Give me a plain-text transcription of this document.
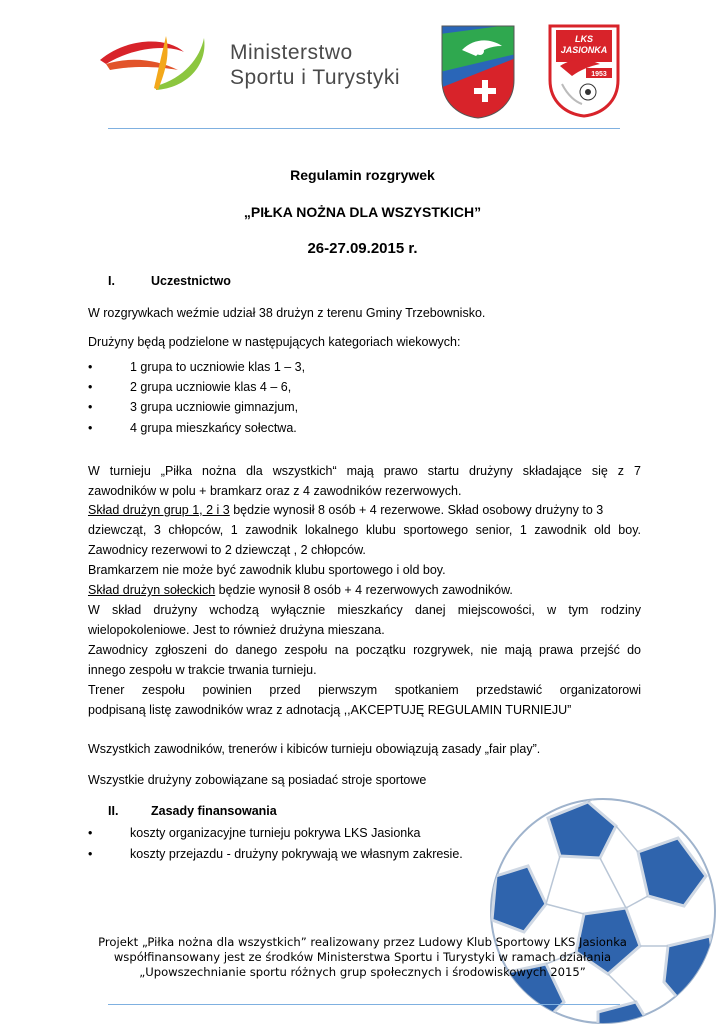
Ministerstwo
Sportu i Turystyki
LKS
JASIONKA
1953
Regulamin rozgrywek
„PIŁKA NOŻNA DLA WSZYSTKICH”
26-27.09.2015 r.
I.	Uczestnictwo
W rozgrywkach weźmie udział 38 drużyn z terenu Gminy Trzebownisko.
Drużyny będą podzielone w następujących kategoriach wiekowych:
•	1 grupa to uczniowie klas 1 – 3,
•	2 grupa uczniowie klas 4 – 6,
•	3 grupa uczniowie gimnazjum,
•	4 grupa mieszkańcy sołectwa.
W turnieju „Piłka nożna dla wszystkich“ mają prawo startu drużyny składające się z 7
zawodników w polu + bramkarz oraz z 4 zawodników rezerwowych.
Skład drużyn grup 1, 2 i 3 będzie wynosił 8 osób + 4 rezerwowe. Skład osobowy drużyny to 3
dziewcząt, 3 chłopców, 1 zawodnik lokalnego klubu sportowego senior, 1 zawodnik old boy.
Zawodnicy rezerwowi to 2 dziewcząt , 2 chłopców.
Bramkarzem nie może być zawodnik klubu sportowego i old boy.
Skład drużyn sołeckich będzie wynosił 8 osób + 4 rezerwowych zawodników.
W skład drużyny wchodzą wyłącznie mieszkańcy danej miejscowości, w tym rodziny
wielopokoleniowe. Jest to również drużyna mieszana.
Zawodnicy zgłoszeni do danego zespołu na początku rozgrywek, nie mają prawa przejść do
innego zespołu w trakcie trwania turnieju.
Trener zespołu powinien przed pierwszym spotkaniem przedstawić organizatorowi
podpisaną listę zawodników wraz z adnotacją ,,AKCEPTUJĘ REGULAMIN TURNIEJU”
Wszystkich zawodników, trenerów i kibiców turnieju obowiązują zasady „fair play”.
Wszystkie drużyny zobowiązane są posiadać stroje sportowe
II.	Zasady finansowania
•	koszty organizacyjne turnieju pokrywa LKS Jasionka
•	koszty przejazdu - drużyny pokrywają we własnym zakresie.
Projekt „Piłka nożna dla wszystkich” realizowany przez Ludowy Klub Sportowy LKS Jasionka
współfinansowany jest ze środków Ministerstwa Sportu i Turystyki w ramach działania
„Upowszechnianie sportu różnych grup społecznych i środowiskowych 2015”
